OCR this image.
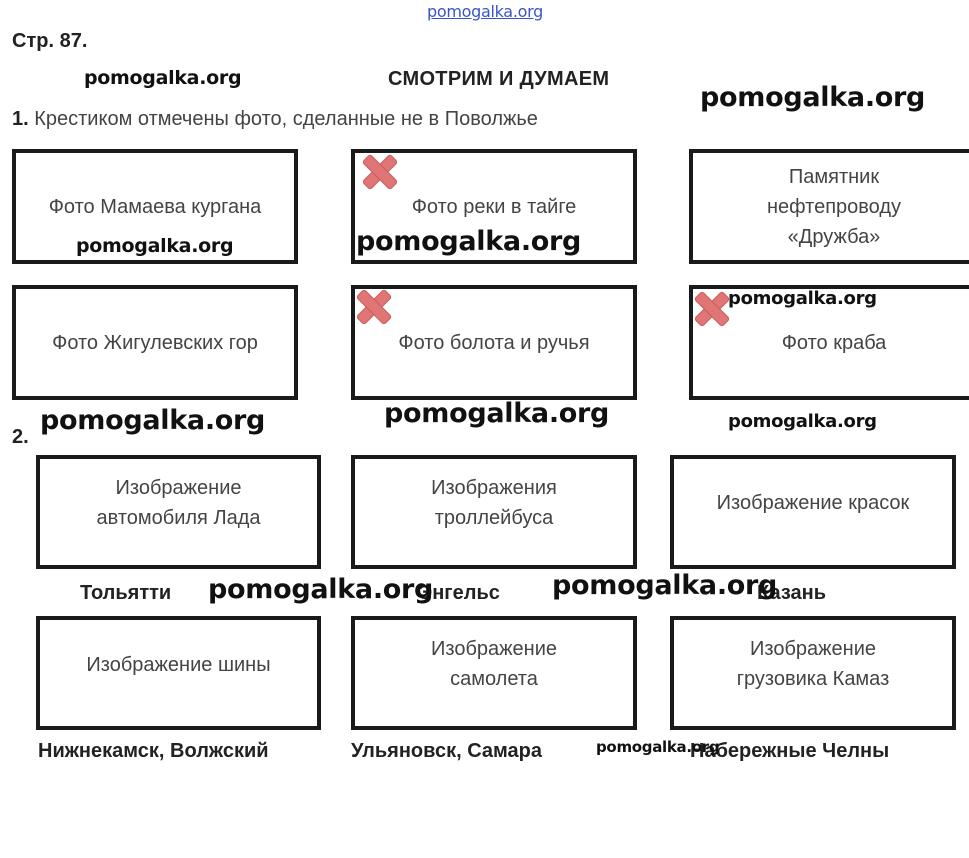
pomogalka.org
Стр. 87.
СМОТРИМ И ДУМАЕМ
1. Крестиком отмечены фото, сделанные не в Поволжье
Фото Мамаева кургана	Фото реки в тайге
Памятник
нефтепроводу
«Дружба»
Фото Жигулевских гор	Фото болота и ручья	Фото краба
2.
Изображение
автомобиля Лада
Изображения
троллейбуса
Изображение красок
Тольятти	Энгельс	Казань
Изображение шины
Изображение
самолета
Изображение
грузовика Камаз
Нижнекамск, Волжский	Ульяновск, Самара	Набережные Челны
pomogalka.org
pomogalka.org
pomogalka.org	pomogalka.org
pomogalka.org
pomogalka.org	pomogalka.org	pomogalka.org
pomogalka.org	pomogalka.org
pomogalka.org
